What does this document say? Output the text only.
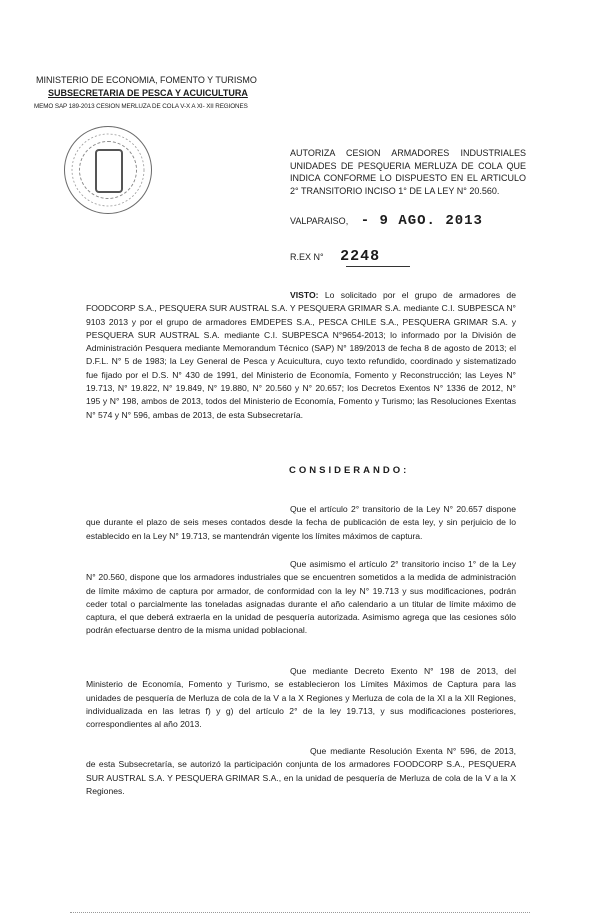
MINISTERIO DE ECONOMIA, FOMENTO Y TURISMO
SUBSECRETARIA DE PESCA Y ACUICULTURA
MEMO SAP 189-2013 CESION MERLUZA DE COLA V-X A XI- XII REGIONES
AUTORIZA CESION ARMADORES INDUSTRIALES UNIDADES DE PESQUERIA MERLUZA DE COLA QUE INDICA CONFORME LO DISPUESTO EN EL ARTICULO 2° TRANSITORIO INCISO 1° DE LA LEY N° 20.560.
VALPARAISO, - 9 AGO. 2013
R.EX N° 2248
VISTO: Lo solicitado por el grupo de armadores de FOODCORP S.A., PESQUERA SUR AUSTRAL S.A. Y PESQUERA GRIMAR S.A. mediante C.I. SUBPESCA N° 9103 2013 y por el grupo de armadores EMDEPES S.A., PESCA CHILE S.A., PESQUERA GRIMAR S.A. y PESQUERA SUR AUSTRAL S.A. mediante C.I. SUBPESCA N°9654-2013; lo informado por la División de Administración Pesquera mediante Memorandum Técnico (SAP) N° 189/2013 de fecha 8 de agosto de 2013; el D.F.L. N° 5 de 1983; la Ley General de Pesca y Acuicultura, cuyo texto refundido, coordinado y sistematizado fue fijado por el D.S. N° 430 de 1991, del Ministerio de Economía, Fomento y Reconstrucción; las Leyes N° 19.713, N° 19.822, N° 19.849, N° 19.880, N° 20.560 y N° 20.657; los Decretos Exentos N° 1336 de 2012, N° 195 y N° 198, ambos de 2013, todos del Ministerio de Economía, Fomento y Turismo; las Resoluciones Exentas N° 574 y N° 596, ambas de 2013, de esta Subsecretaría.
CONSIDERANDO:
Que el artículo 2° transitorio de la Ley N° 20.657 dispone que durante el plazo de seis meses contados desde la fecha de publicación de esta ley, y sin perjuicio de lo establecido en la Ley N° 19.713, se mantendrán vigente los límites máximos de captura.
Que asimismo el artículo 2° transitorio inciso 1° de la Ley N° 20.560, dispone que los armadores industriales que se encuentren sometidos a la medida de administración de límite máximo de captura por armador, de conformidad con la ley N° 19.713 y sus modificaciones, podrán ceder total o parcialmente las toneladas asignadas durante el año calendario a un titular de límite máximo de captura, el que deberá extraerla en la unidad de pesquería autorizada. Asimismo agrega que las cesiones sólo podrán efectuarse dentro de la misma unidad poblacional.
Que mediante Decreto Exento N° 198 de 2013, del Ministerio de Economía, Fomento y Turismo, se establecieron los Límites Máximos de Captura para las unidades de pesquería de Merluza de cola de la V a la X Regiones y Merluza de cola de la XI a la XII Regiones, individualizada en las letras f) y g) del artículo 2° de la ley 19.713, y sus modificaciones posteriores, correspondientes al año 2013.
Que mediante Resolución Exenta N° 596, de 2013, de esta Subsecretaría, se autorizó la participación conjunta de los armadores FOODCORP S.A., PESQUERA SUR AUSTRAL S.A. Y PESQUERA GRIMAR S.A., en la unidad de pesquería de Merluza de cola de la V a la X Regiones.
